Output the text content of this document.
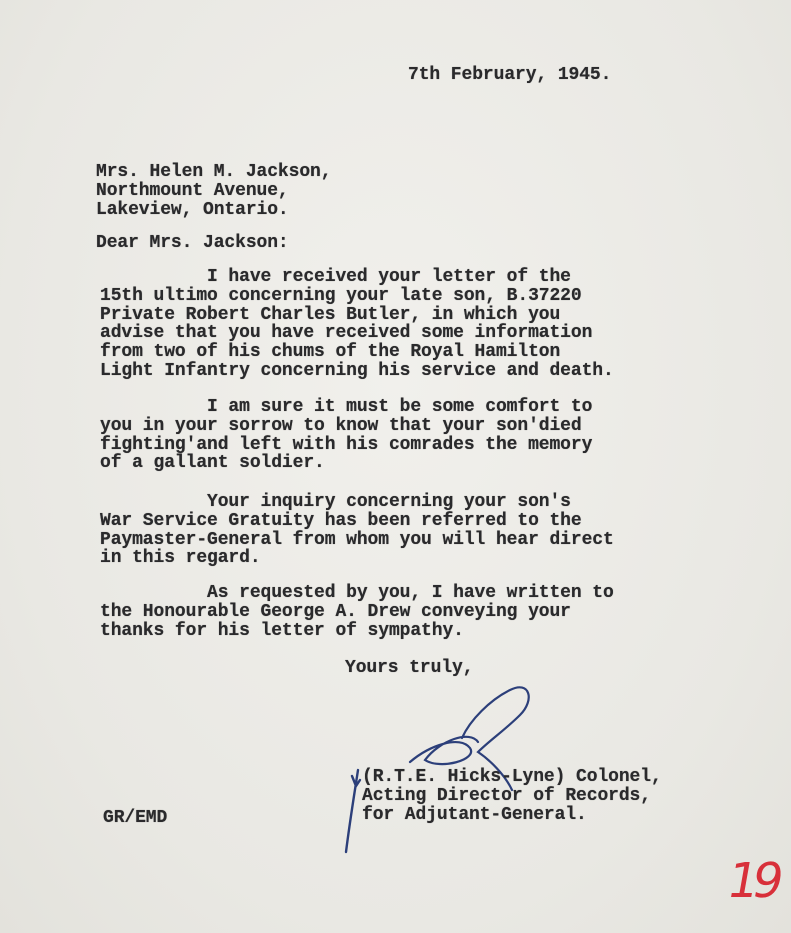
7th February, 1945.
Mrs. Helen M. Jackson,
Northmount Avenue,
Lakeview, Ontario.
Dear Mrs. Jackson:
I have received your letter of the
15th ultimo concerning your late son, B.37220
Private Robert Charles Butler, in which you
advise that you have received some information
from two of his chums of the Royal Hamilton
Light Infantry concerning his service and death.
I am sure it must be some comfort to
you in your sorrow to know that your son'died
fighting'and left with his comrades the memory
of a gallant soldier.
Your inquiry concerning your son's
War Service Gratuity has been referred to the
Paymaster-General from whom you will hear direct
in this regard.
As requested by you, I have written to
the Honourable George A. Drew conveying your
thanks for his letter of sympathy.
Yours truly,
(R.T.E. Hicks-Lyne) Colonel,
Acting Director of Records,
for Adjutant-General.
GR/EMD
19
